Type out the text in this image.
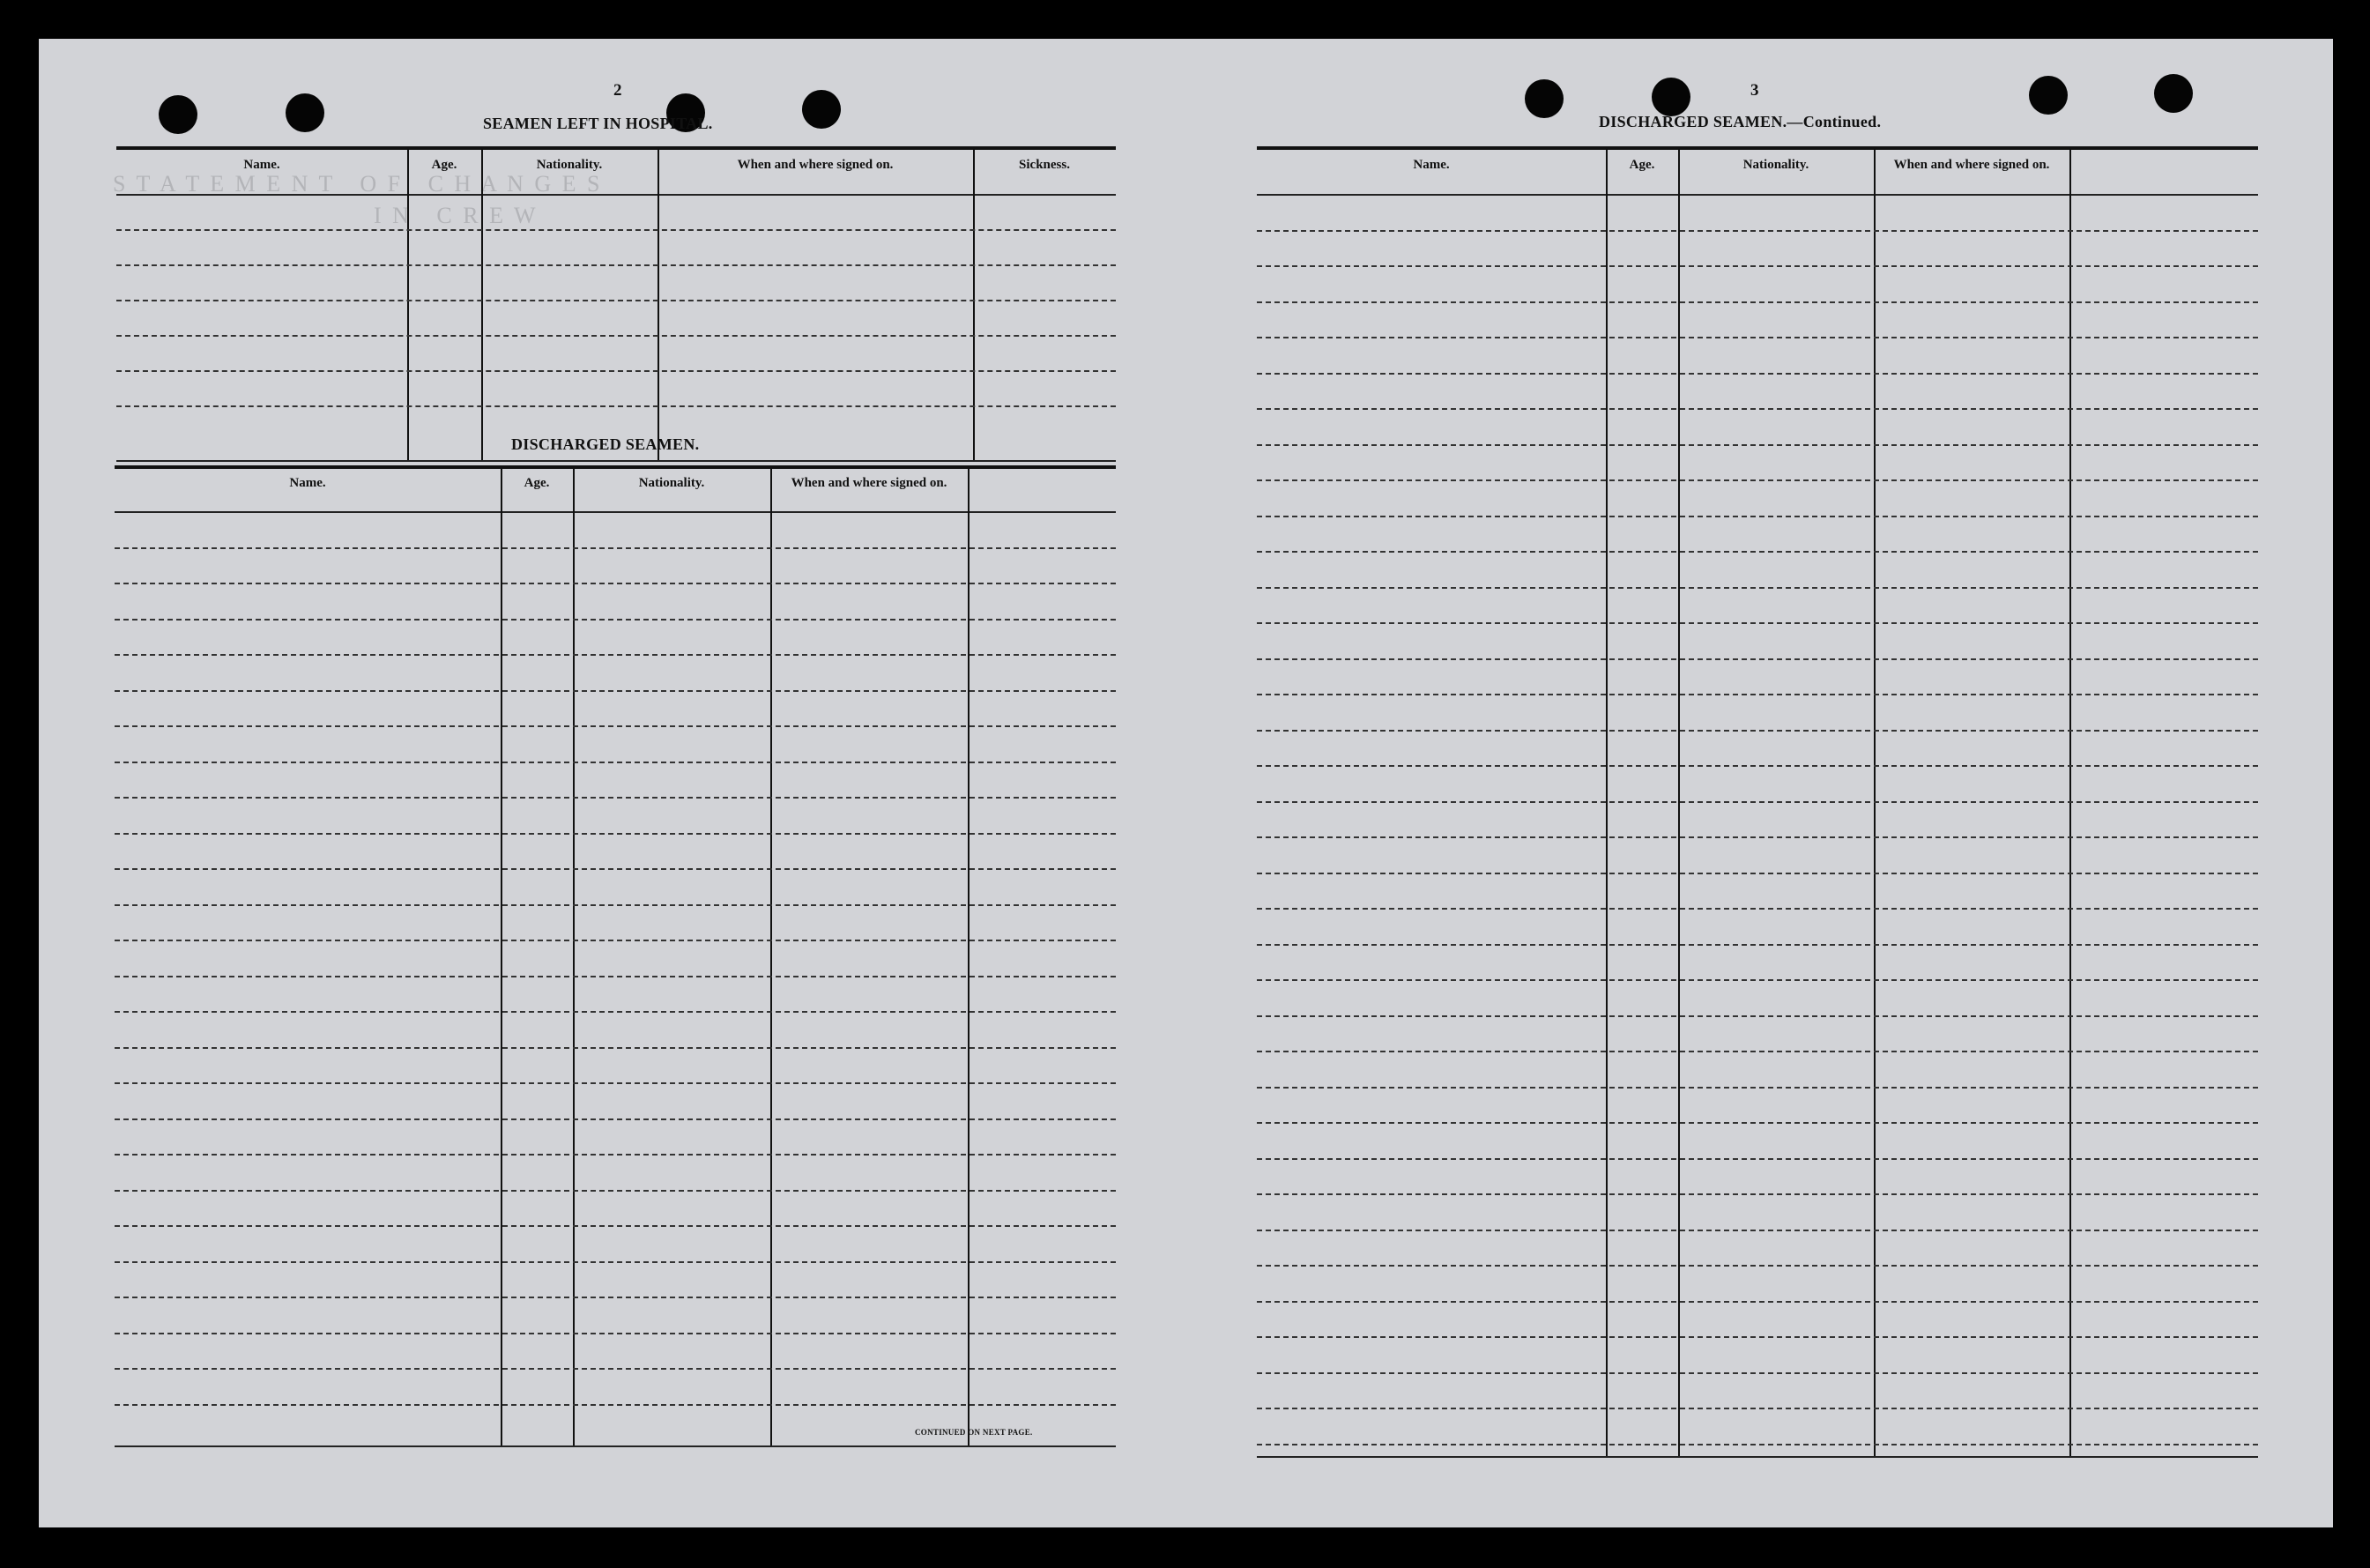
S T A T E M E N T   O F   C H A N G E S
I N   C R E W
2
SEAMEN LEFT IN HOSPITAL.
Name.	Age.	Nationality.	When and where signed on.	Sickness.
DISCHARGED SEAMEN.
Name.	Age.	Nationality.	When and where signed on.
CONTINUED ON NEXT PAGE.
3
DISCHARGED SEAMEN.—Continued.
Name.	Age.	Nationality.	When and where signed on.
